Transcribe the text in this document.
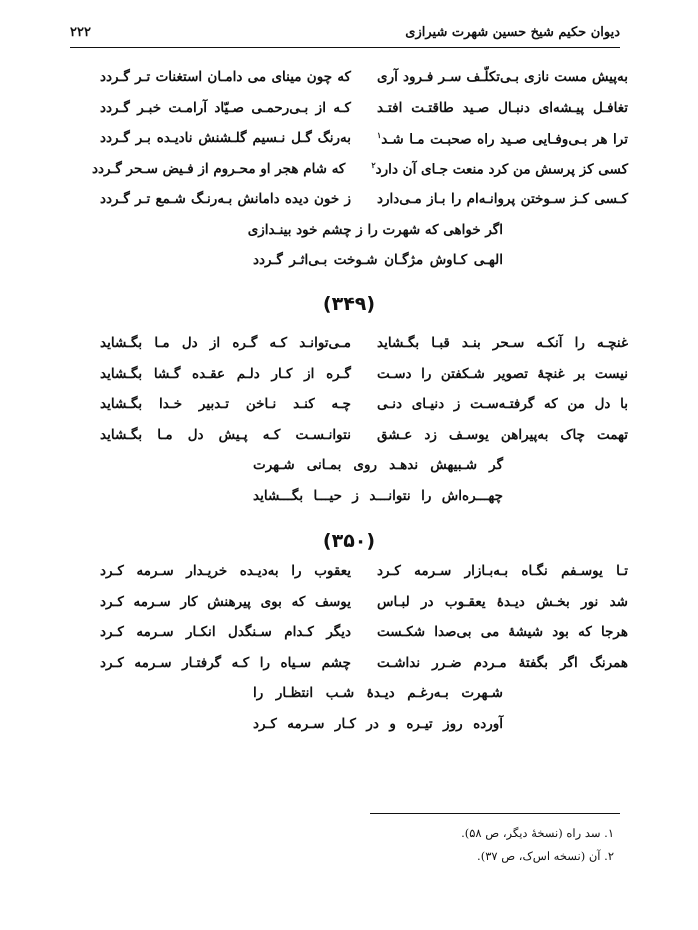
دیوان حکیم شیخ حسین شهرت شیرازی
۲۲۲
به‌پیش مست نازی بـی‌تکلّـف سـر فـرود آری
که چون مینای می دامـان استغنات تـر گـردد
تغافـل پیـشه‌ای دنبـال صـید طاقتـت افتـد
کـه از بـی‌رحمـی صـیّاد آرامـت خبـر گـردد
ترا هر بـی‌وفـایی صـید راه صحبـت مـا شـد$^۱$
به‌رنگ گـل نـسیم گلـشنش نادیـده بـر گـردد
کسی کز پرسش من کرد منعت جـای آن دارد$^۲$
که شام هجر او محـروم از فـیض سـحر گـردد
کـسی کـز سـوختن پروانـه‌ام را بـاز مـی‌دارد
ز خون دیده دامانش بـه‌رنـگ شـمع تـر گـردد
اگر خواهی که شهرت را ز چشم خود بینـدازی
الهـی کـاوش مژگـان شـوخت بـی‌اثـر گـردد
(۳۴۹)
غنچـه را آنکـه سـحر بنـد قبـا بگـشاید
مـی‌توانـد کـه گـره از دل مـا بگـشاید
نیست بر غنچهٔ تصویر شـکفتن را دسـت
گـره از کـار دلـم عقـده گـشا بگـشاید
با دل من که گرفتـه‌سـت ز دنیـای دنـی
چـه کنـد نـاخن تـدبیر خـدا بگـشاید
تهمت چاک به‌پیراهن یوسـف زد عـشق
نتوانـسـت کـه پـیش دل مـا بگـشاید
گر شـبیهش ندهـد روی بمـانی شـهرت
چهـــره‌اش را نتوانـــد ز حیـــا بگـــشاید
(۳۵۰)
تـا یوسـفم نگـاه بـه‌بـازار سـرمه کـرد
یعقوب را به‌دیـده خریـدار سـرمه کـرد
شد نور بخـش دیـدهٔ یعقـوب در لبـاس
یوسف که بوی پیرهنش کار سـرمه کـرد
هرجا که بود شیشهٔ می بی‌صدا شکـست
دیگر کـدام سـنگدل انکـار سـرمه کـرد
همرنگ اگر بگفتهٔ مـردم ضـرر نداشـت
چشم سـیاه را کـه گرفتـار سـرمه کـرد
شـهرت بـه‌رغـم دیـدهٔ شـب انتظـار را
آورده روز تیـره و در کـار سـرمه کـرد
۱. سد راه (نسخهٔ دیگر، ص ۵۸).
۲. آن (نسخه اس‌ک، ص ۳۷).
